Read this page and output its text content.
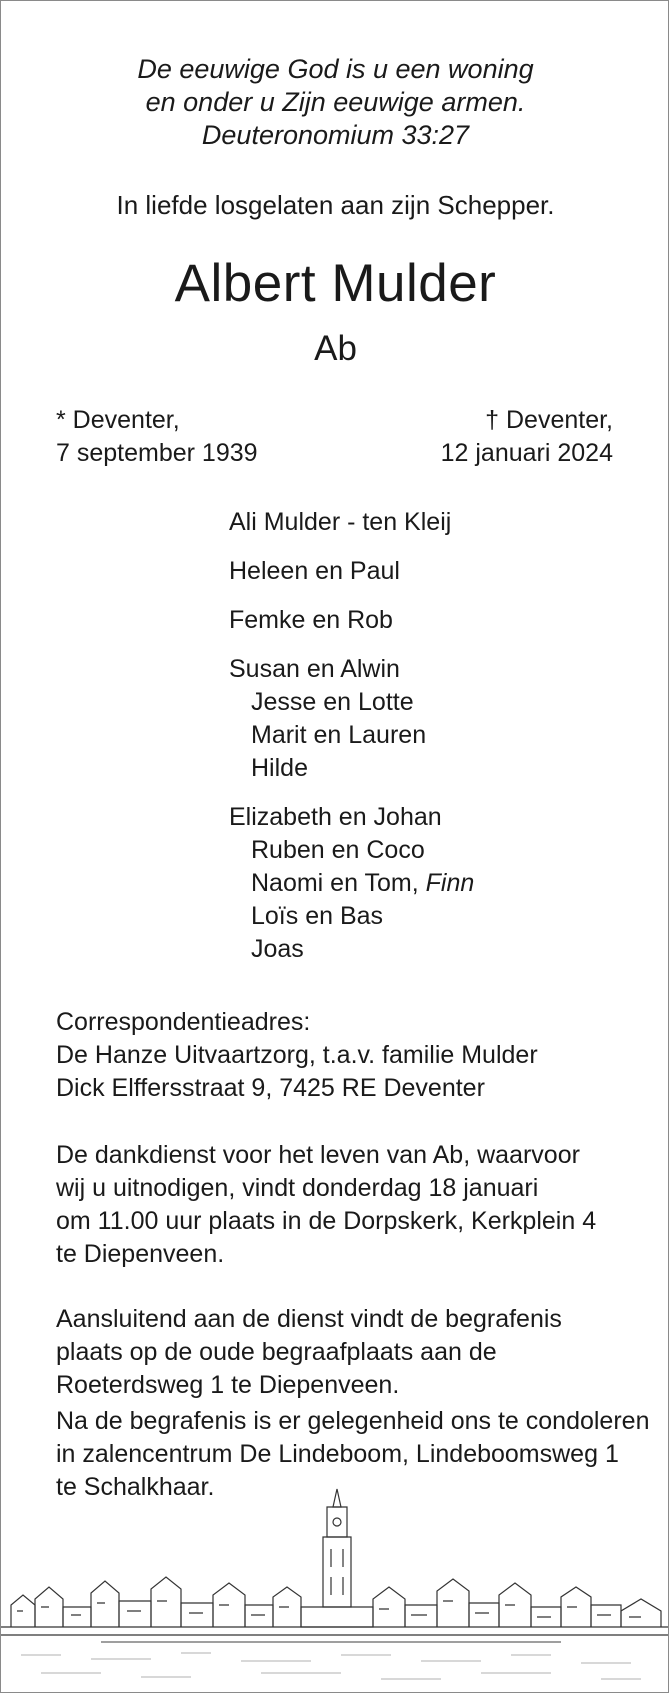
De eeuwige God is u een woning
en onder u Zijn eeuwige armen.
Deuteronomium 33:27
In liefde losgelaten aan zijn Schepper.
Albert Mulder
Ab
* Deventer,
7 september 1939
† Deventer,
12 januari 2024
Ali Mulder - ten Kleij
Heleen en Paul
Femke en Rob
Susan en Alwin
Jesse en Lotte
Marit en Lauren
Hilde
Elizabeth en Johan
Ruben en Coco
Naomi en Tom, Finn
Loïs en Bas
Joas
Correspondentieadres:
De Hanze Uitvaartzorg, t.a.v. familie Mulder
Dick Elffersstraat 9, 7425 RE Deventer
De dankdienst voor het leven van Ab, waarvoor
wij u uitnodigen, vindt donderdag 18 januari
om 11.00 uur plaats in de Dorpskerk, Kerkplein 4
te Diepenveen.
Aansluitend aan de dienst vindt de begrafenis
plaats op de oude begraafplaats aan de
Roeterdsweg 1 te Diepenveen.
Na de begrafenis is er gelegenheid ons te condoleren
in zalencentrum De Lindeboom, Lindeboomsweg 1
te Schalkhaar.
